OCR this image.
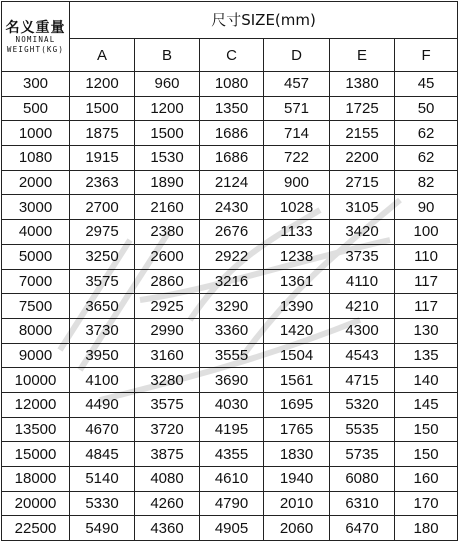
名义重量
NOMINAL
WEIGHT(KG)	尺寸SIZE(mm)					
	A	B	C	D	E	F
300	1200	960	1080	457	1380	45
500	1500	1200	1350	571	1725	50
1000	1875	1500	1686	714	2155	62
1080	1915	1530	1686	722	2200	62
2000	2363	1890	2124	900	2715	82
3000	2700	2160	2430	1028	3105	90
4000	2975	2380	2676	1133	3420	100
5000	3250	2600	2922	1238	3735	110
7000	3575	2860	3216	1361	4110	117
7500	3650	2925	3290	1390	4210	117
8000	3730	2990	3360	1420	4300	130
9000	3950	3160	3555	1504	4543	135
10000	4100	3280	3690	1561	4715	140
12000	4490	3575	4030	1695	5320	145
13500	4670	3720	4195	1765	5535	150
15000	4845	3875	4355	1830	5735	150
18000	5140	4080	4610	1940	6080	160
20000	5330	4260	4790	2010	6310	170
22500	5490	4360	4905	2060	6470	180
